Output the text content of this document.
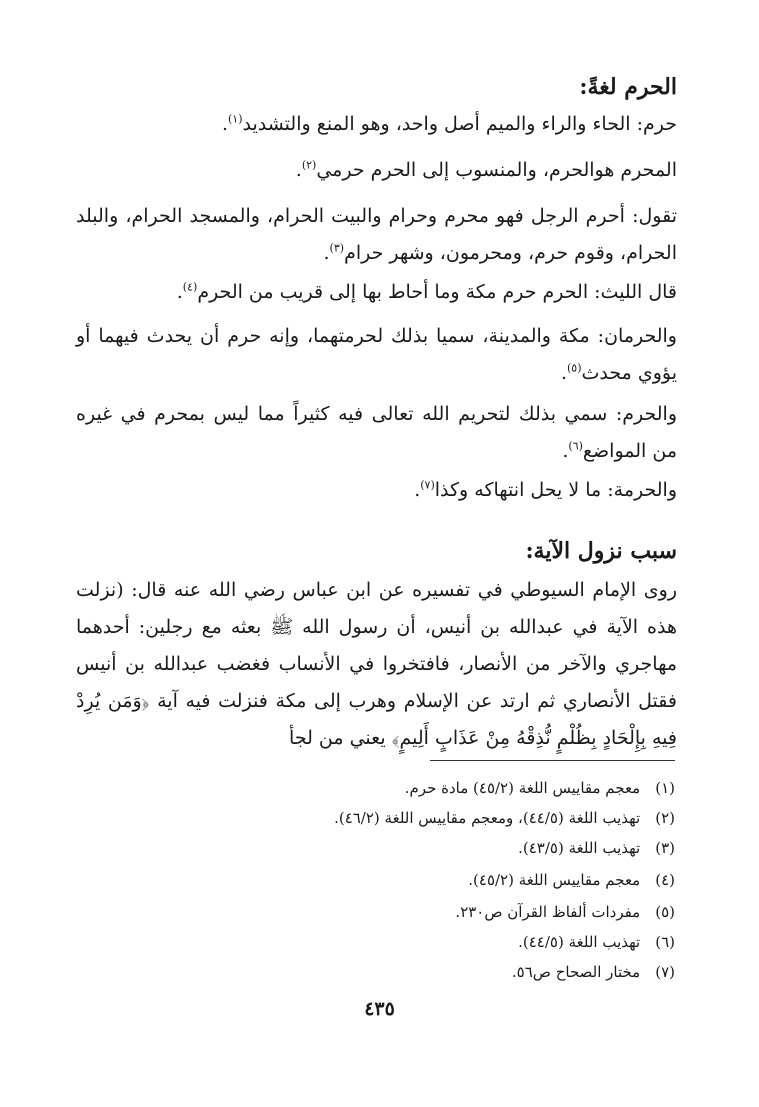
الحرم لغةً:
حرم: الحاء والراء والميم أصل واحد، وهو المنع والتشديد$^{(١)}$.
المحرم هوالحرم، والمنسوب إلى الحرم حرمي$^{(٢)}$.
تقول: أحرم الرجل فهو محرم وحرام والبيت الحرام، والمسجد الحرام، والبلد الحرام، وقوم حرم، ومحرمون، وشهر حرام$^{(٣)}$.
قال الليث: الحرم حرم مكة وما أحاط بها إلى قريب من الحرم$^{(٤)}$.
والحرمان: مكة والمدينة، سميا بذلك لحرمتهما، وإنه حرم أن يحدث فيهما أو يؤوي محدث$^{(٥)}$.
والحرم: سمي بذلك لتحريم الله تعالى فيه كثيراً مما ليس بمحرم في غيره من المواضع$^{(٦)}$.
والحرمة: ما لا يحل انتهاكه وكذا$^{(٧)}$.
سبب نزول الآية:
روى الإمام السيوطي في تفسيره عن ابن عباس رضي الله عنه قال: (نزلت هذه الآية في عبدالله بن أنيس، أن رسول الله ﷺ بعثه مع رجلين: أحدهما مهاجري والآخر من الأنصار، فافتخروا في الأنساب فغضب عبدالله بن أنيس فقتل الأنصاري ثم ارتد عن الإسلام وهرب إلى مكة فنزلت فيه آية ﴿وَمَن يُرِدْ فِيهِ بِإِلْحَادٍ بِظُلْمٍ نُّذِقْهُ مِنْ عَذَابٍ أَلِيمٍ﴾ يعني من لجأ
(١) معجم مقاييس اللغة (٤٥/٢) مادة حرم.
(٢) تهذيب اللغة (٤٤/٥)، ومعجم مقاييس اللغة (٤٦/٢).
(٣) تهذيب اللغة (٤٣/٥).
(٤) معجم مقاييس اللغة (٤٥/٢).
(٥) مفردات ألفاظ القرآن ص٢٣٠.
(٦) تهذيب اللغة (٤٤/٥).
(٧) مختار الصحاح ص٥٦.
٤٣٥
